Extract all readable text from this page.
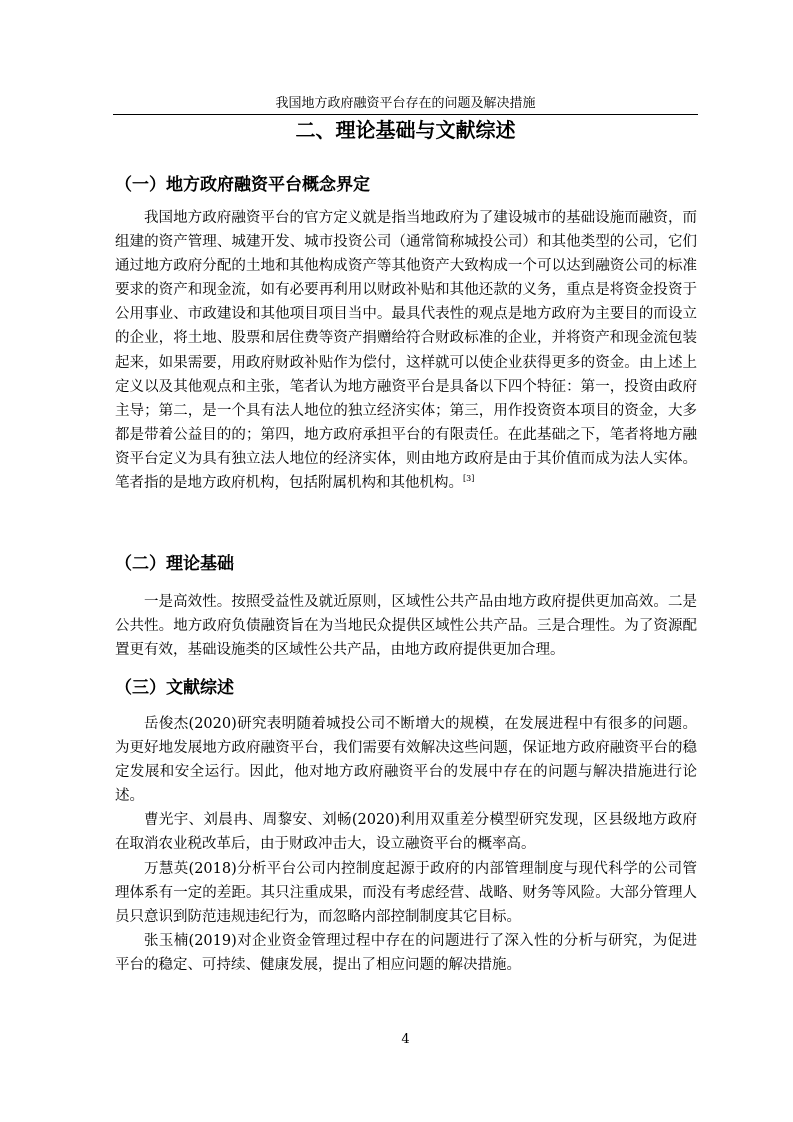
我国地方政府融资平台存在的问题及解决措施
二、理论基础与文献综述
（一）地方政府融资平台概念界定

我国地方政府融资平台的官方定义就是指当地政府为了建设城市的基础设施而融资，而组建的资产管理、城建开发、城市投资公司（通常简称城投公司）和其他类型的公司，它们通过地方政府分配的土地和其他构成资产等其他资产大致构成一个可以达到融资公司的标准要求的资产和现金流，如有必要再利用以财政补贴和其他还款的义务，重点是将资金投资于公用事业、市政建设和其他项目项目当中。最具代表性的观点是地方政府为主要目的而设立的企业，将土地、股票和居住费等资产捐赠给符合财政标准的企业，并将资产和现金流包装起来，如果需要，用政府财政补贴作为偿付，这样就可以使企业获得更多的资金。由上述上定义以及其他观点和主张，笔者认为地方融资平台是具备以下四个特征：第一，投资由政府主导；第二，是一个具有法人地位的独立经济实体；第三，用作投资资本项目的资金，大多都是带着公益目的的；第四，地方政府承担平台的有限责任。在此基础之下，笔者将地方融资平台定义为具有独立法人地位的经济实体，则由地方政府是由于其价值而成为法人实体。笔者指的是地方政府机构，包括附属机构和其他机构。[3]

（二）理论基础

一是高效性。按照受益性及就近原则，区域性公共产品由地方政府提供更加高效。二是公共性。地方政府负债融资旨在为当地民众提供区域性公共产品。三是合理性。为了资源配置更有效，基础设施类的区域性公共产品，由地方政府提供更加合理。

（三）文献综述

岳俊杰(2020)研究表明随着城投公司不断增大的规模，在发展进程中有很多的问题。为更好地发展地方政府融资平台，我们需要有效解决这些问题，保证地方政府融资平台的稳定发展和安全运行。因此，他对地方政府融资平台的发展中存在的问题与解决措施进行论述。

曹光宇、刘晨冉、周黎安、刘畅(2020)利用双重差分模型研究发现，区县级地方政府在取消农业税改革后，由于财政冲击大，设立融资平台的概率高。

万慧英(2018)分析平台公司内控制度起源于政府的内部管理制度与现代科学的公司管理体系有一定的差距。其只注重成果，而没有考虑经营、战略、财务等风险。大部分管理人员只意识到防范违规违纪行为，而忽略内部控制制度其它目标。

张玉楠(2019)对企业资金管理过程中存在的问题进行了深入性的分析与研究，为促进平台的稳定、可持续、健康发展，提出了相应问题的解决措施。

4
